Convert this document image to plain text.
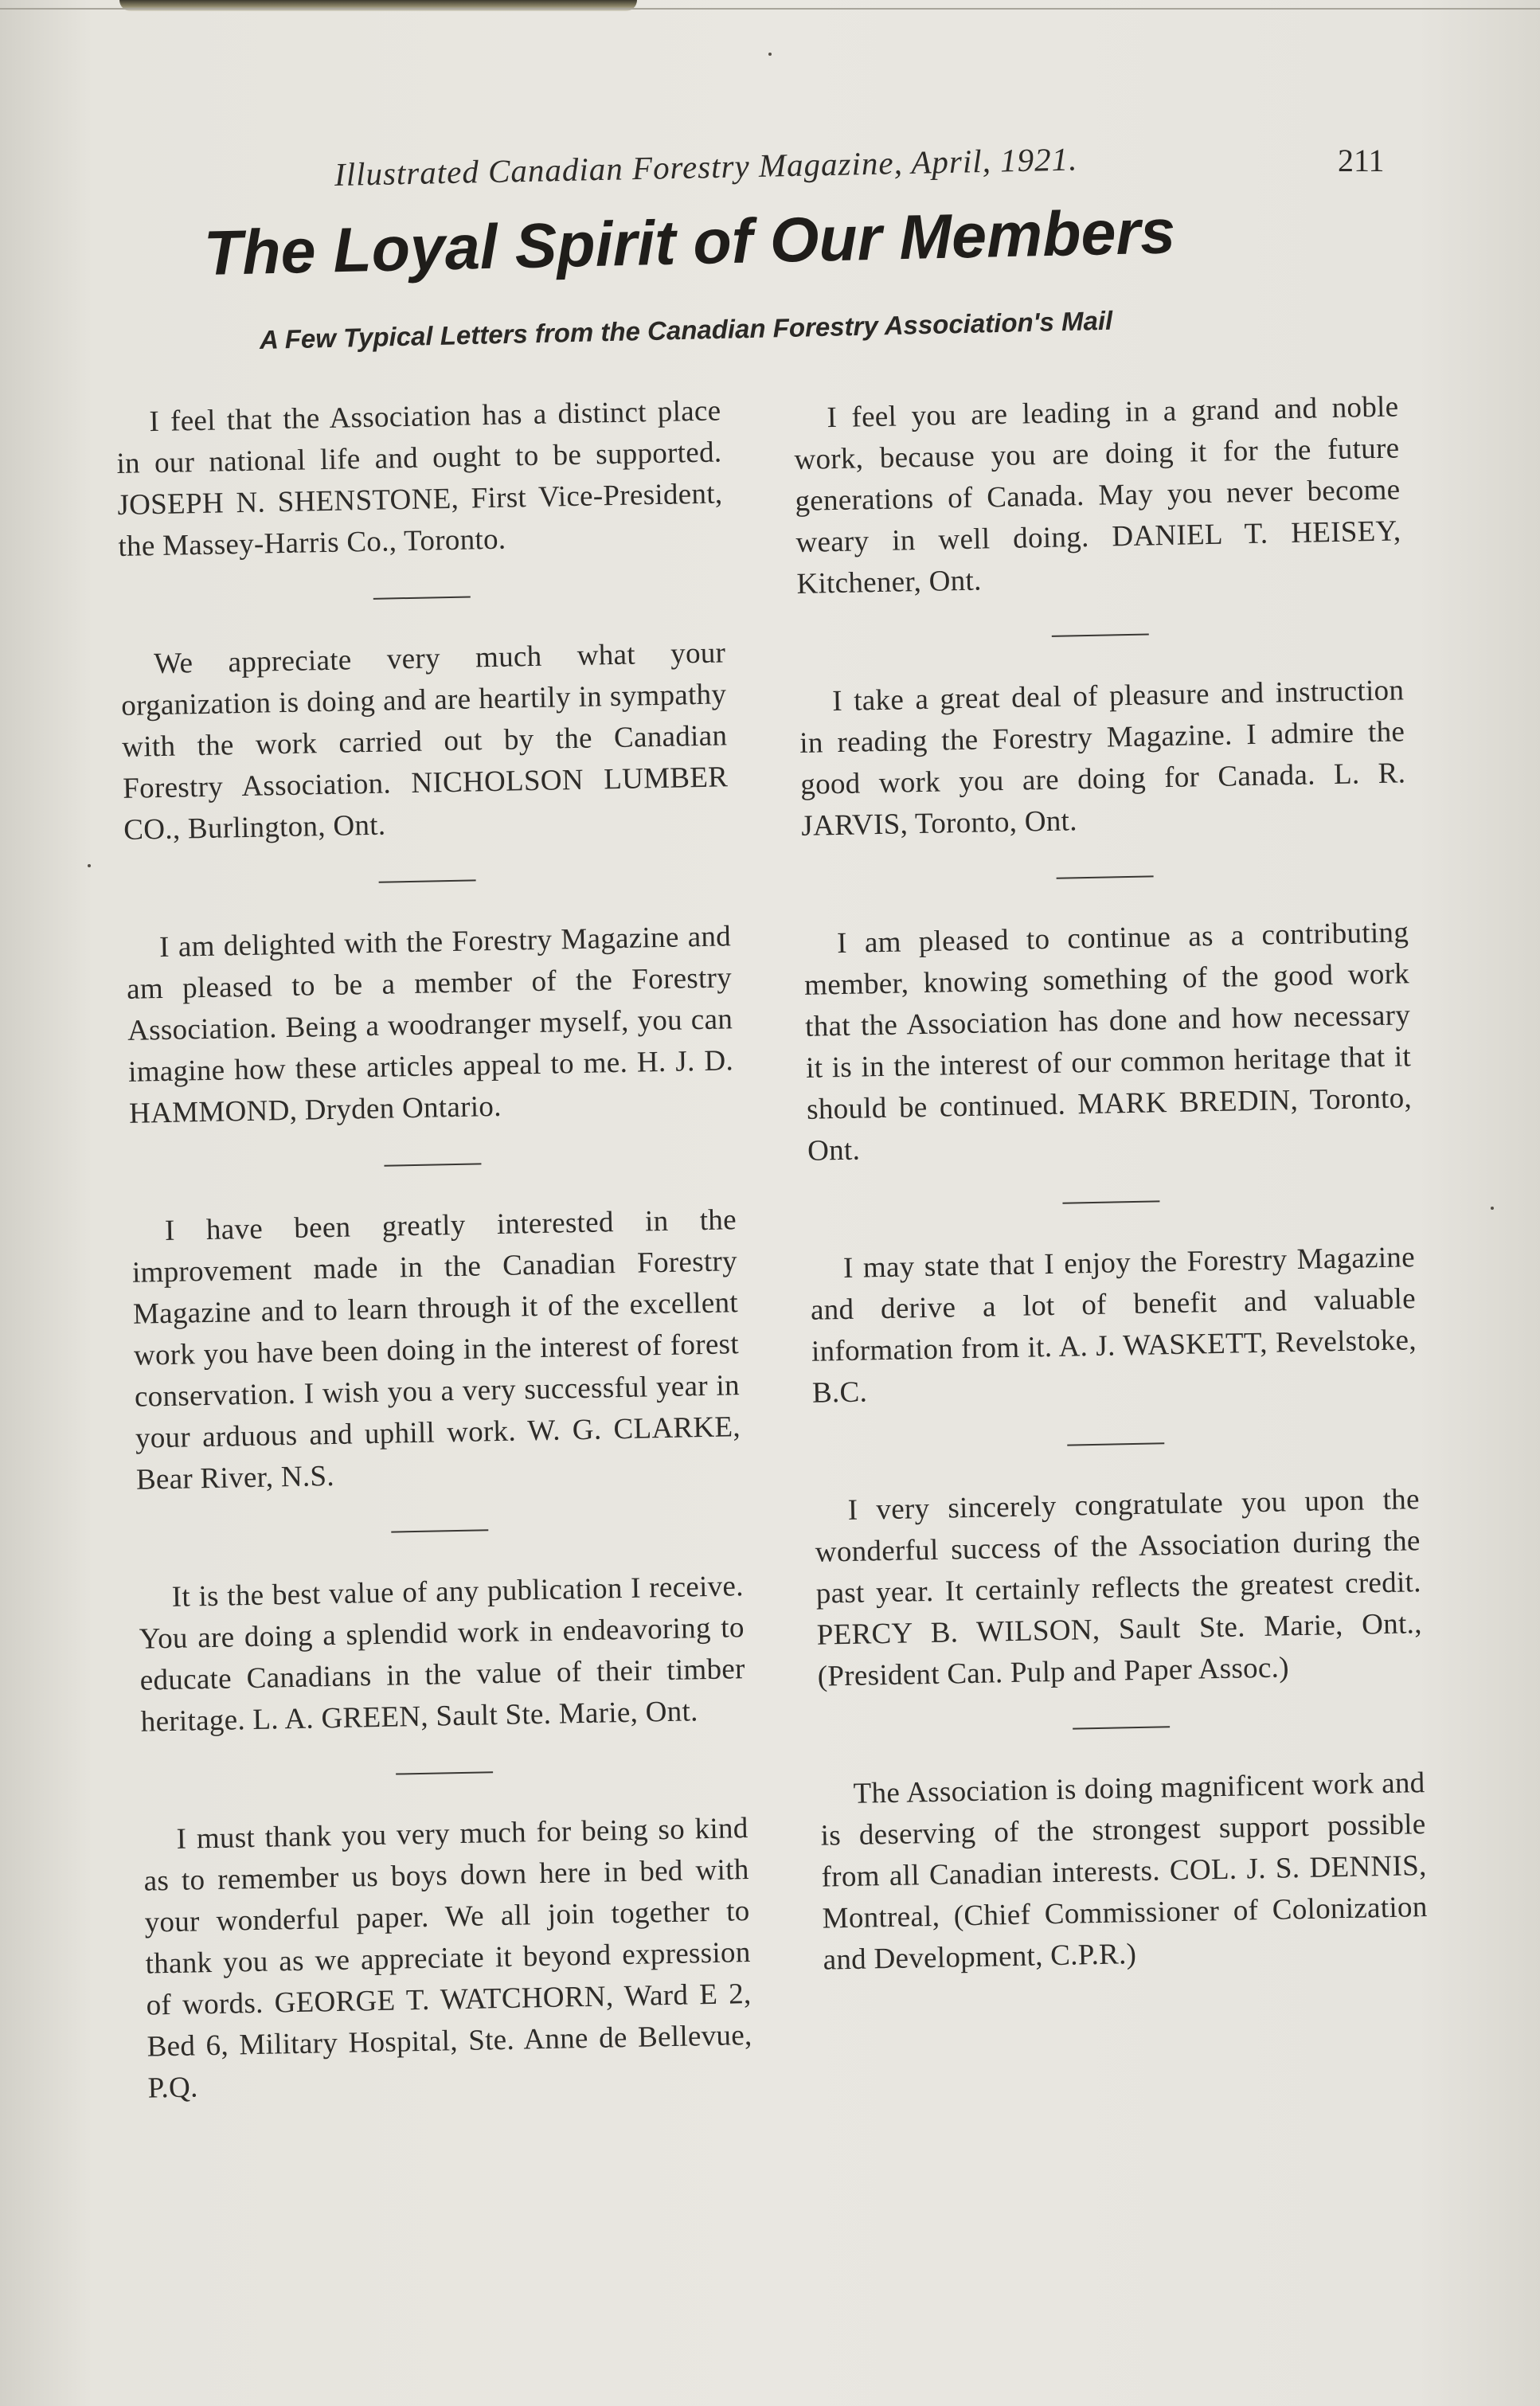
Illustrated Canadian Forestry Magazine, April, 1921.	211
The Loyal Spirit of Our Members
A Few Typical Letters from the Canadian Forestry Association's Mail

I feel that the Association has a distinct place in our national life and ought to be supported. JOSEPH N. SHENSTONE, First Vice-President, the Massey-Harris Co., Toronto.

We appreciate very much what your organization is doing and are heartily in sympathy with the work carried out by the Canadian Forestry Association. NICHOLSON LUMBER CO., Burlington, Ont.

I am delighted with the Forestry Magazine and am pleased to be a member of the Forestry Association. Being a woodranger myself, you can imagine how these articles appeal to me. H. J. D. HAMMOND, Dryden Ontario.

I have been greatly interested in the improvement made in the Canadian Forestry Magazine and to learn through it of the excellent work you have been doing in the interest of forest conservation. I wish you a very successful year in your arduous and uphill work. W. G. CLARKE, Bear River, N.S.

It is the best value of any publication I receive. You are doing a splendid work in endeavoring to educate Canadians in the value of their timber heritage. L. A. GREEN, Sault Ste. Marie, Ont.

I must thank you very much for being so kind as to remember us boys down here in bed with your wonderful paper. We all join together to thank you as we appreciate it beyond expression of words. GEORGE T. WATCHORN, Ward E 2, Bed 6, Military Hospital, Ste. Anne de Bellevue, P.Q.

I feel you are leading in a grand and noble work, because you are doing it for the future generations of Canada. May you never become weary in well doing. DANIEL T. HEISEY, Kitchener, Ont.

I take a great deal of pleasure and instruction in reading the Forestry Magazine. I admire the good work you are doing for Canada. L. R. JARVIS, Toronto, Ont.

I am pleased to continue as a contributing member, knowing something of the good work that the Association has done and how necessary it is in the interest of our common heritage that it should be continued. MARK BREDIN, Toronto, Ont.

I may state that I enjoy the Forestry Magazine and derive a lot of benefit and valuable information from it. A. J. WASKETT, Revelstoke, B.C.

I very sincerely congratulate you upon the wonderful success of the Association during the past year. It certainly reflects the greatest credit. PERCY B. WILSON, Sault Ste. Marie, Ont., (President Can. Pulp and Paper Assoc.)

The Association is doing magnificent work and is deserving of the strongest support possible from all Canadian interests. COL. J. S. DENNIS, Montreal, (Chief Commissioner of Colonization and Development, C.P.R.)
